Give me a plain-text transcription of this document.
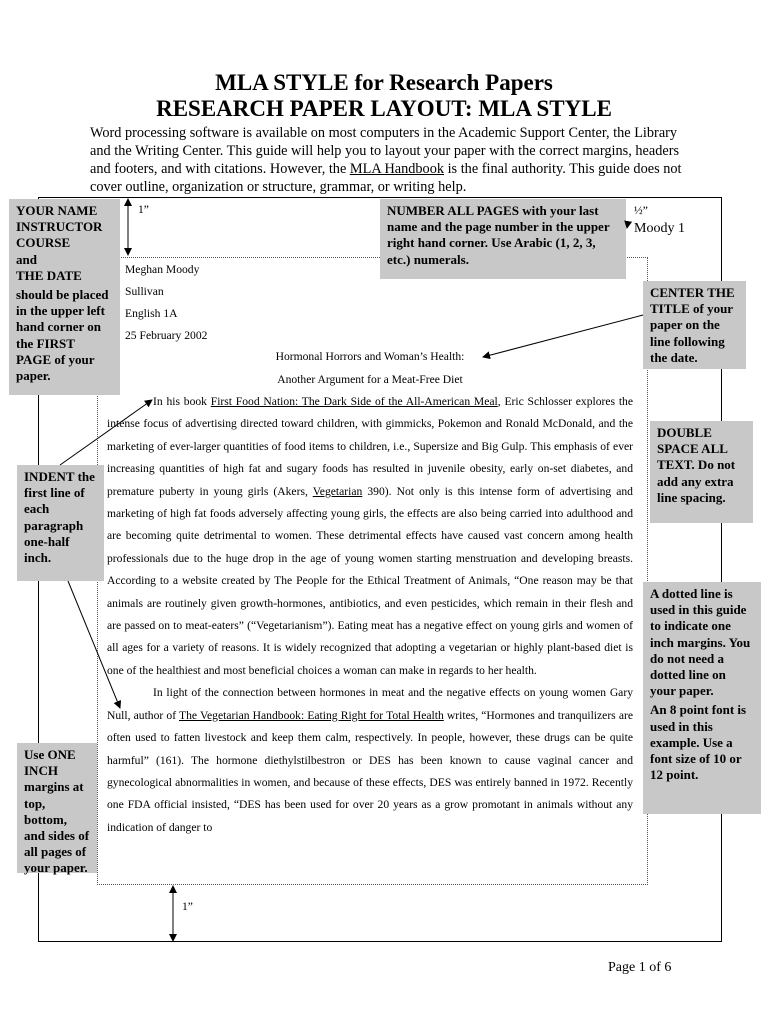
MLA STYLE for Research Papers
RESEARCH PAPER LAYOUT: MLA STYLE
Word processing software is available on most computers in the Academic Support Center, the Library and the Writing Center. This guide will help you to layout your paper with the correct margins, headers and footers, and with citations. However, the MLA Handbook is the final authority. This guide does not cover outline, organization or structure, grammar, or writing help.
1”	½”
Moody 1
1”
Meghan Moody
Sullivan
English 1A
25 February 2002
Hormonal Horrors and Woman’s Health:
Another Argument for a Meat-Free Diet

In his book First Food Nation: The Dark Side of the All-American Meal, Eric Schlosser explores the intense focus of advertising directed toward children, with gimmicks, Pokemon and Ronald McDonald, and the marketing of ever-larger quantities of food items to children, i.e., Supersize and Big Gulp. This emphasis of ever increasing quantities of high fat and sugary foods has resulted in juvenile obesity, early on-set diabetes, and premature puberty in young girls (Akers, Vegetarian 390). Not only is this intense form of advertising and marketing of high fat foods adversely affecting young girls, the effects are also being carried into adulthood and are becoming quite detrimental to women. These detrimental effects have caused vast concern among health professionals due to the huge drop in the age of young women starting menstruation and developing breasts. According to a website created by The People for the Ethical Treatment of Animals, “One reason may be that animals are routinely given growth-hormones, antibiotics, and even pesticides, which remain in their flesh and are passed on to meat-eaters” (“Vegetarianism”). Eating meat has a negative effect on young girls and women of all ages for a variety of reasons. It is widely recognized that adopting a vegetarian or highly plant-based diet is one of the healthiest and most beneficial choices a woman can make in regards to her health.

In light of the connection between hormones in meat and the negative effects on young women Gary Null, author of The Vegetarian Handbook: Eating Right for Total Health writes, “Hormones and tranquilizers are often used to fatten livestock and keep them calm, respectively. In people, however, these drugs can be quite harmful” (161). The hormone diethylstilbestron or DES has been known to cause vaginal cancer and gynecological abnormalities in women, and because of these effects, DES was entirely banned in 1972. Recently one FDA official insisted, “DES has been used for over 20 years as a grow promotant in animals without any indication of danger to

YOUR NAME
INSTRUCTOR
COURSE
and
THE DATE
should be placed in the upper left hand corner on the FIRST PAGE of your paper.
NUMBER ALL PAGES with your last name and the page number in the upper right hand corner. Use Arabic (1, 2, 3, etc.) numerals.
CENTER THE TITLE of your paper on the line following the date.
DOUBLE SPACE ALL TEXT. Do not add any extra line spacing.
INDENT the first line of each paragraph one-half inch.
A dotted line is used in this guide to indicate one inch margins. You do not need a dotted line on your paper.
An 8 point font is used in this example. Use a font size of 10 or 12 point.
Use ONE INCH margins at top, bottom, and sides of all pages of your paper.
Page 1 of 6
